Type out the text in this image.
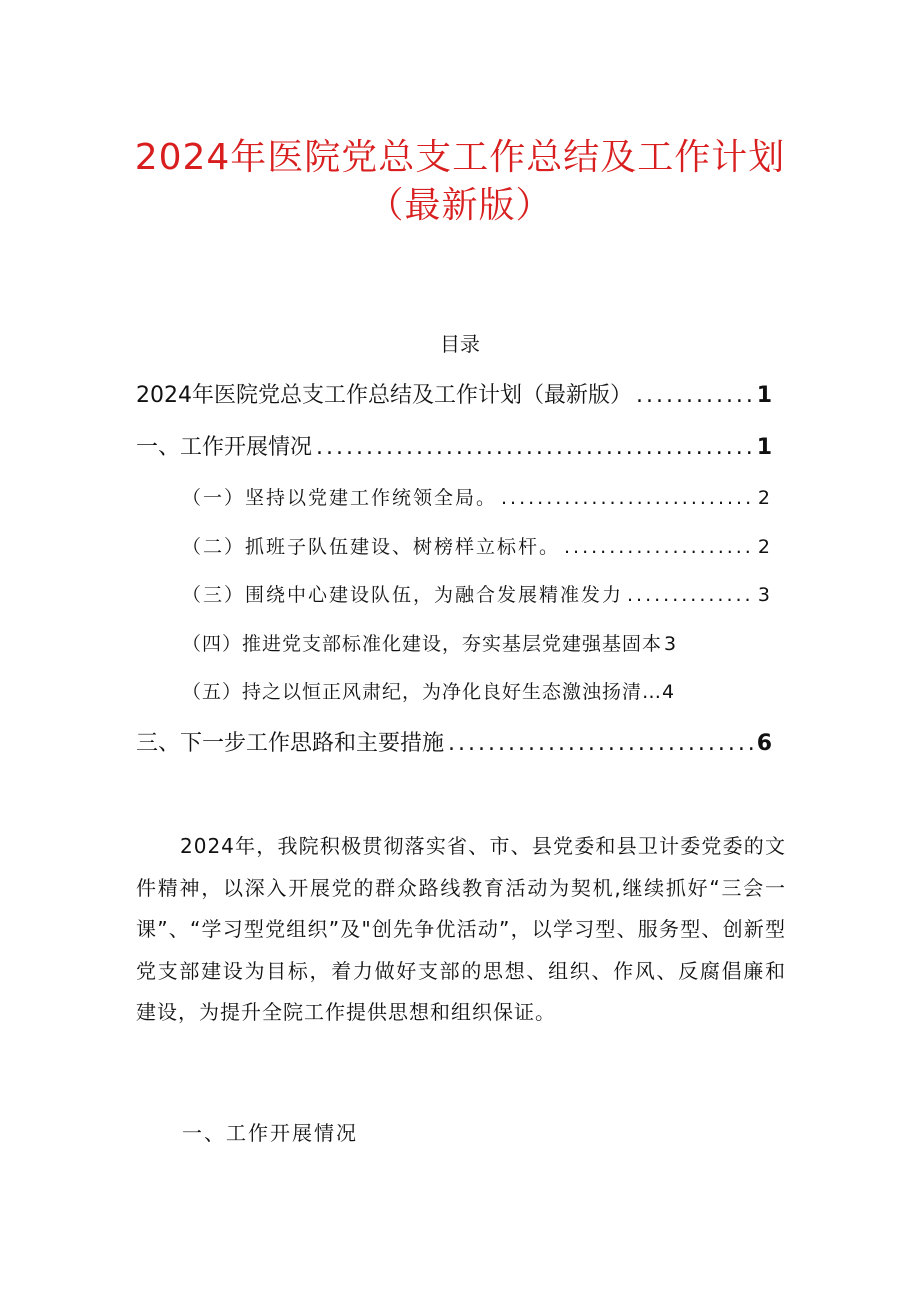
2024年医院党总支工作总结及工作计划
（最新版）
目录
2024年医院党总支工作总结及工作计划（最新版） .....	1
一、工作开展情况 .....	1
（一）坚持以党建工作统领全局。 .....	2
（二）抓班子队伍建设、树榜样立标杆。 .....	2
（三）围绕中心建设队伍，为融合发展精准发力 .....	3
（四）推进党支部标准化建设，夯实基层党建强基固本 3
（五）持之以恒正风肃纪，为净化良好生态激浊扬清… 4
三、下一步工作思路和主要措施 .....	6

2024年，我院积极贯彻落实省、市、县党委和县卫计委党委的文件精神，以深入开展党的群众路线教育活动为契机,继续抓好“三会一课”、“学习型党组织”及"创先争优活动”，以学习型、服务型、创新型党支部建设为目标，着力做好支部的思想、组织、作风、反腐倡廉和建设，为提升全院工作提供思想和组织保证。

一、工作开展情况
